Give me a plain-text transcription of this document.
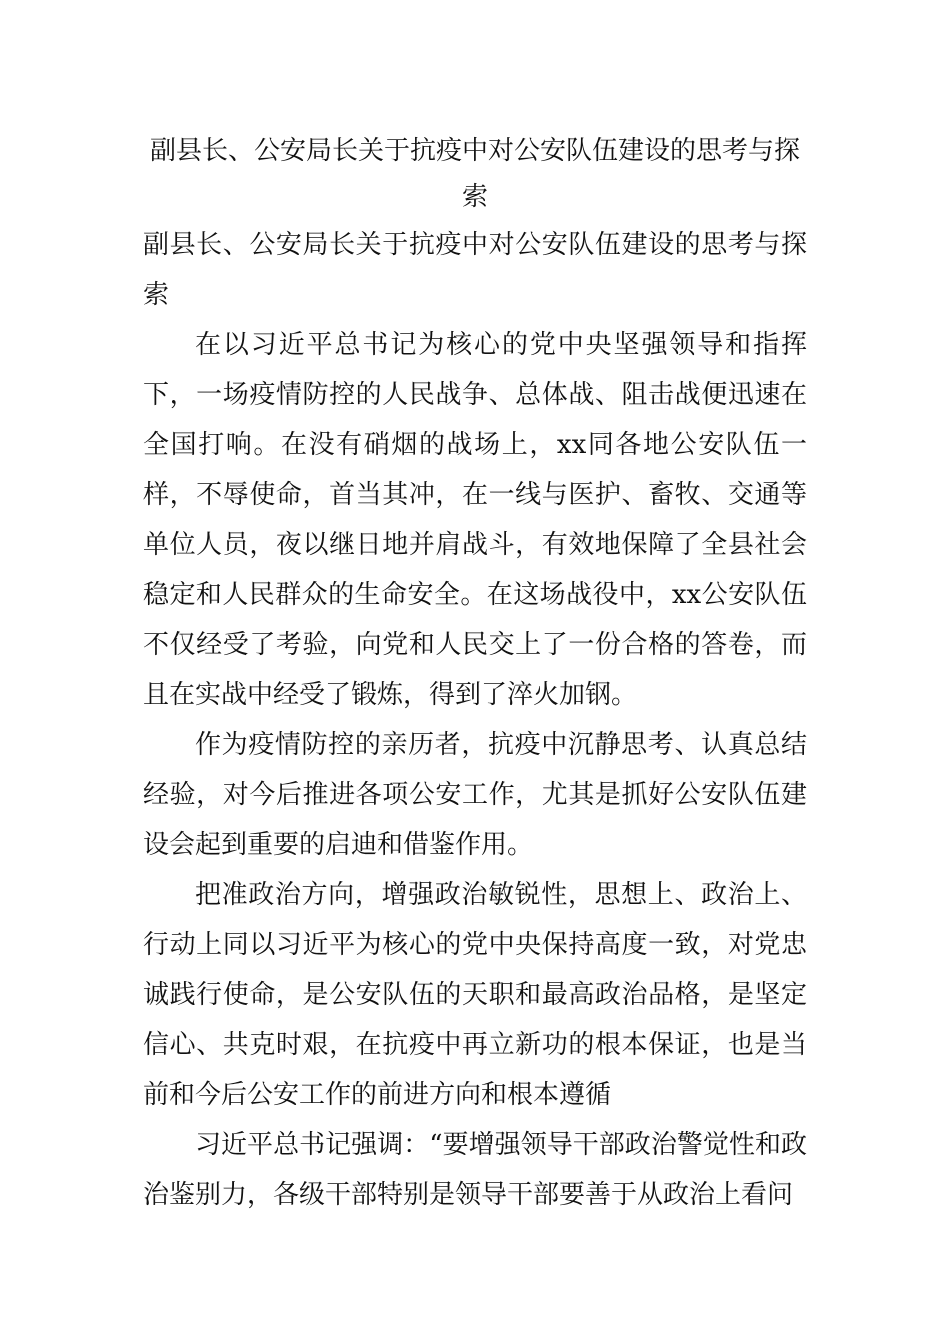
副县长、公安局长关于抗疫中对公安队伍建设的思考与探索

副县长、公安局长关于抗疫中对公安队伍建设的思考与探索

在以习近平总书记为核心的党中央坚强领导和指挥下，一场疫情防控的人民战争、总体战、阻击战便迅速在全国打响。在没有硝烟的战场上，xx同各地公安队伍一样，不辱使命，首当其冲，在一线与医护、畜牧、交通等单位人员，夜以继日地并肩战斗，有效地保障了全县社会稳定和人民群众的生命安全。在这场战役中，xx公安队伍不仅经受了考验，向党和人民交上了一份合格的答卷，而且在实战中经受了锻炼，得到了淬火加钢。

作为疫情防控的亲历者，抗疫中沉静思考、认真总结经验，对今后推进各项公安工作，尤其是抓好公安队伍建设会起到重要的启迪和借鉴作用。

把准政治方向，增强政治敏锐性，思想上、政治上、行动上同以习近平为核心的党中央保持高度一致，对党忠诚践行使命，是公安队伍的天职和最高政治品格，是坚定信心、共克时艰，在抗疫中再立新功的根本保证，也是当前和今后公安工作的前进方向和根本遵循

习近平总书记强调：“要增强领导干部政治警觉性和政治鉴别力，各级干部特别是领导干部要善于从政治上看问
